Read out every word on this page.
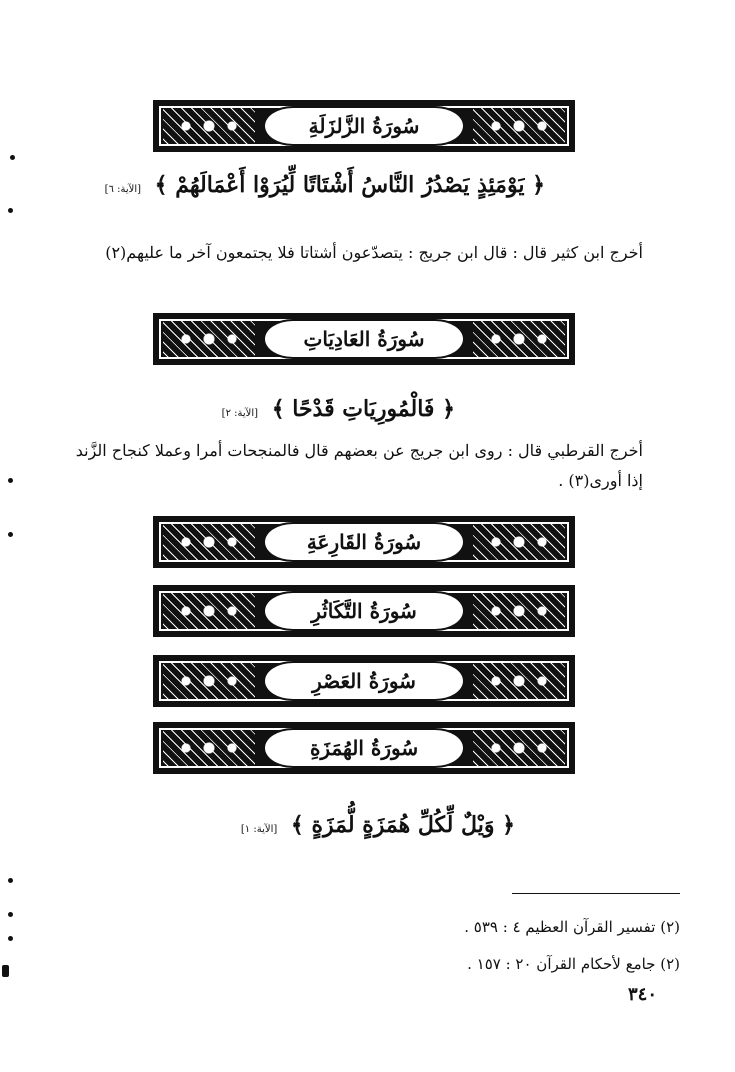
سُورَةُ الزَّلزَلَةِ
﴿ يَوْمَئِذٍ يَصْدُرُ النَّاسُ أَشْتَاتًا لِّيُرَوْا أَعْمَالَهُمْ ﴾ [الآية: ٦]
أخرج ابن كثير قال : قال ابن جريج : يتصدّعون أشتاتا فلا يجتمعون آخر ما عليهم(٢)
سُورَةُ العَادِيَاتِ
﴿ فَالْمُورِيَاتِ قَدْحًا ﴾ [الآية: ٢]
أخرج القرطبي قال : روى ابن جريج عن بعضهم قال فالمنجحات أمرا وعملا كنجاح الزَّند إذا أورى(٣) .
سُورَةُ القَارِعَةِ
سُورَةُ التَّكَاثُرِ
سُورَةُ العَصْرِ
سُورَةُ الهُمَزَةِ
﴿ وَيْلٌ لِّكُلِّ هُمَزَةٍ لُّمَزَةٍ ﴾ [الآية: ١]
(٢) تفسير القرآن العظيم ٤ : ٥٣٩ .
(٢) جامع لأحكام القرآن ٢٠ : ١٥٧ .
٣٤٠
